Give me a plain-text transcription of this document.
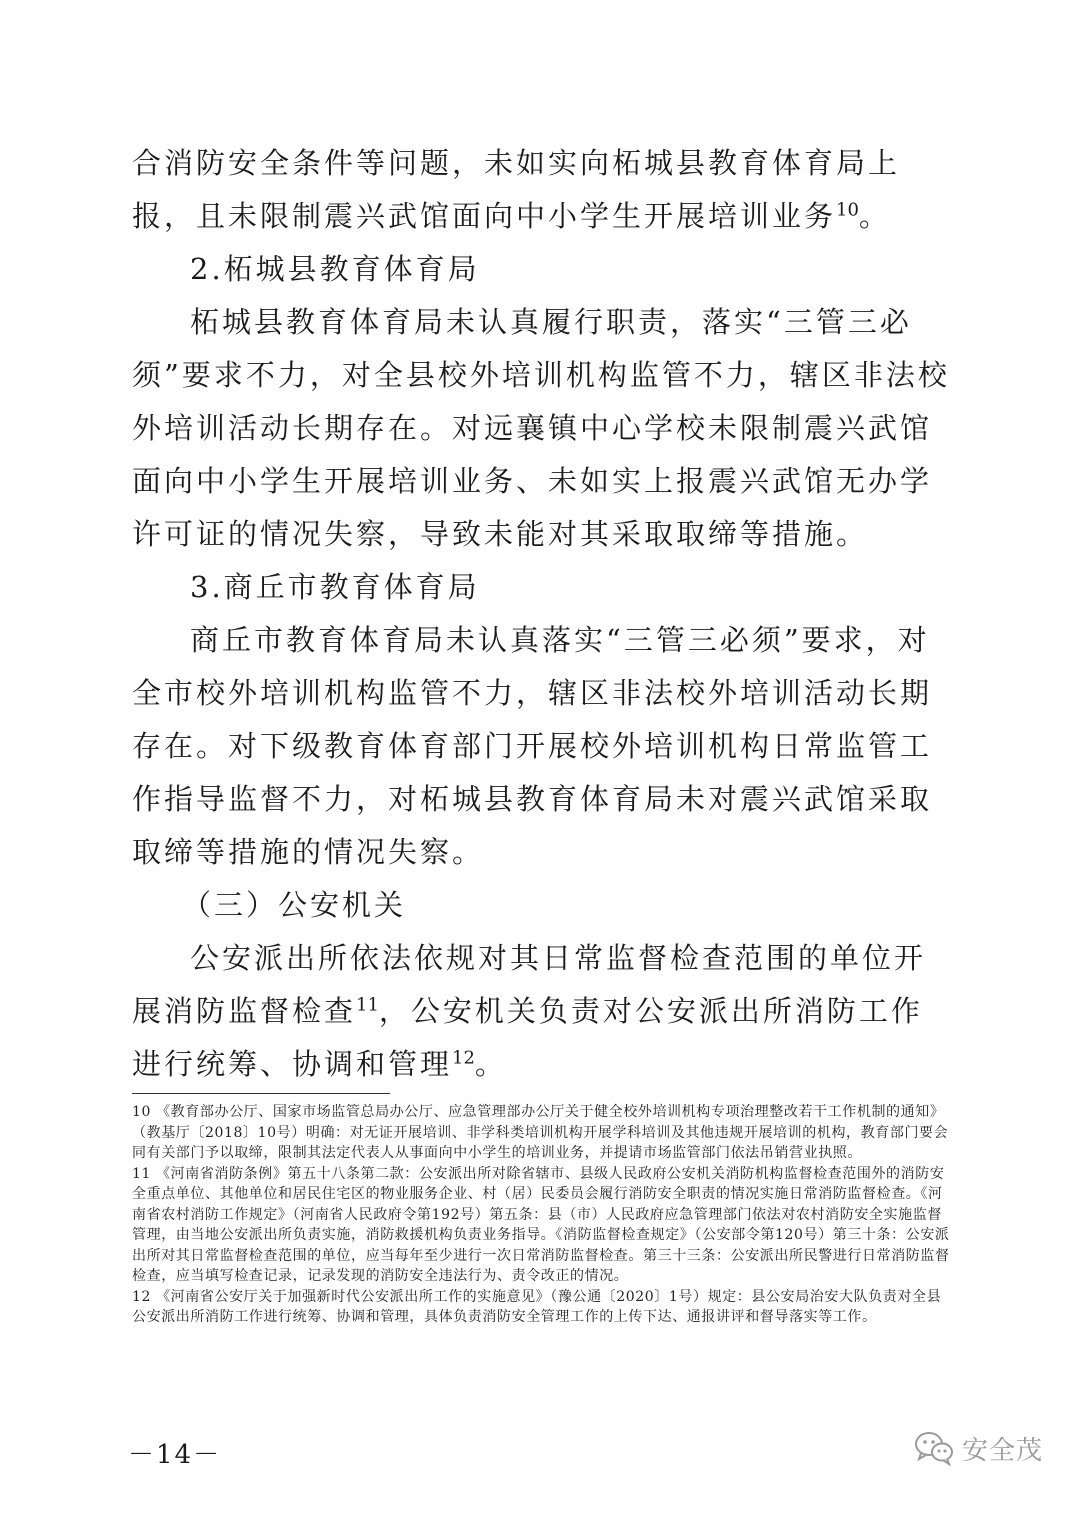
合消防安全条件等问题，未如实向柘城县教育体育局上报，且未限制震兴武馆面向中小学生开展培训业务$^{10}$。

2.柘城县教育体育局

柘城县教育体育局未认真履行职责，落实“三管三必须”要求不力，对全县校外培训机构监管不力，辖区非法校外培训活动长期存在。对远襄镇中心学校未限制震兴武馆面向中小学生开展培训业务、未如实上报震兴武馆无办学许可证的情况失察，导致未能对其采取取缔等措施。

3.商丘市教育体育局

商丘市教育体育局未认真落实“三管三必须”要求，对全市校外培训机构监管不力，辖区非法校外培训活动长期存在。对下级教育体育部门开展校外培训机构日常监管工作指导监督不力，对柘城县教育体育局未对震兴武馆采取取缔等措施的情况失察。

（三）公安机关

公安派出所依法依规对其日常监督检查范围的单位开展消防监督检查$^{11}$，公安机关负责对公安派出所消防工作进行统筹、协调和管理$^{12}$。

10 《教育部办公厅、国家市场监管总局办公厅、应急管理部办公厅关于健全校外培训机构专项治理整改若干工作机制的通知》（教基厅〔2018〕10号）明确：对无证开展培训、非学科类培训机构开展学科培训及其他违规开展培训的机构，教育部门要会同有关部门予以取缔，限制其法定代表人从事面向中小学生的培训业务，并提请市场监管部门依法吊销营业执照。

11 《河南省消防条例》第五十八条第二款：公安派出所对除省辖市、县级人民政府公安机关消防机构监督检查范围外的消防安全重点单位、其他单位和居民住宅区的物业服务企业、村（居）民委员会履行消防安全职责的情况实施日常消防监督检查。《河南省农村消防工作规定》（河南省人民政府令第192号）第五条：县（市）人民政府应急管理部门依法对农村消防安全实施监督管理，由当地公安派出所负责实施，消防救援机构负责业务指导。《消防监督检查规定》（公安部令第120号）第三十条：公安派出所对其日常监督检查范围的单位，应当每年至少进行一次日常消防监督检查。第三十三条：公安派出所民警进行日常消防监督检查，应当填写检查记录，记录发现的消防安全违法行为、责令改正的情况。

12 《河南省公安厅关于加强新时代公安派出所工作的实施意见》（豫公通〔2020〕1号）规定：县公安局治安大队负责对全县公安派出所消防工作进行统筹、协调和管理，具体负责消防安全管理工作的上传下达、通报讲评和督导落实等工作。

－14－	安全茂
